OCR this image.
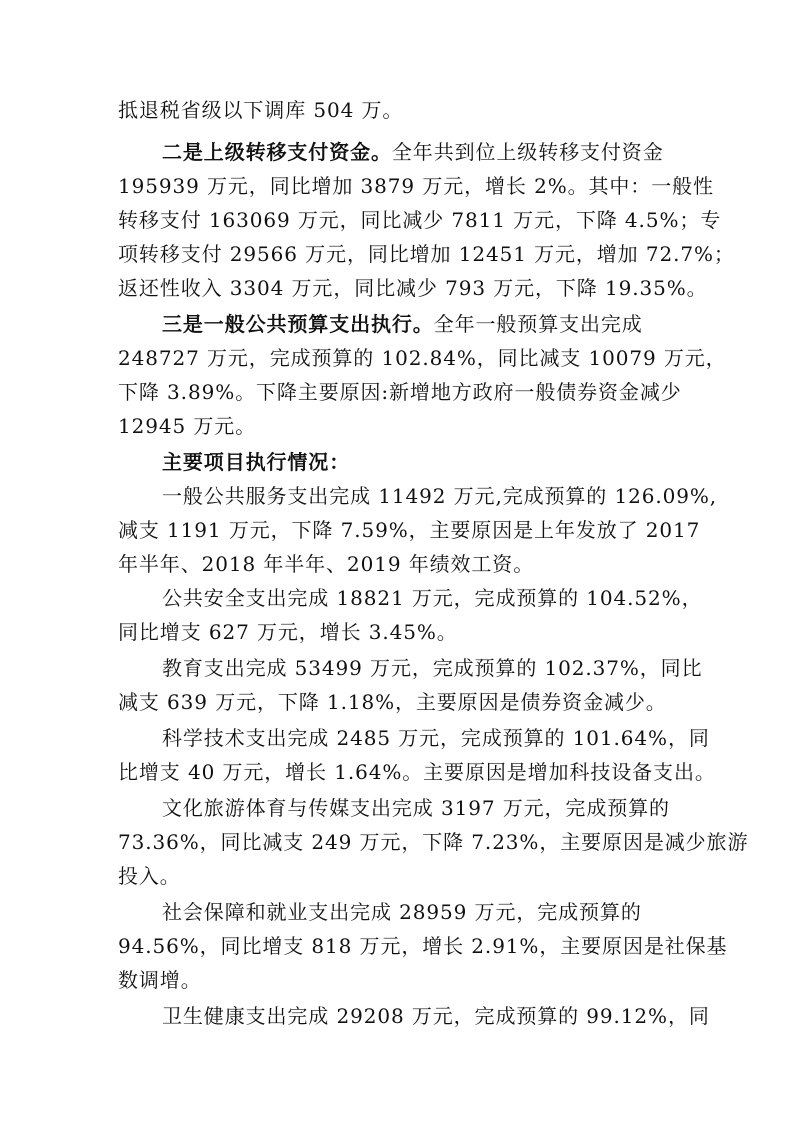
抵退税省级以下调库 504 万。
二是上级转移支付资金。全年共到位上级转移支付资金
195939 万元，同比增加 3879 万元，增长 2%。其中：一般性
转移支付 163069 万元，同比减少 7811 万元，下降 4.5%；专
项转移支付 29566 万元，同比增加 12451 万元，增加 72.7%；
返还性收入 3304 万元，同比减少 793 万元，下降 19.35%。
三是一般公共预算支出执行。全年一般预算支出完成
248727 万元，完成预算的 102.84%，同比减支 10079 万元，
下降 3.89%。下降主要原因:新增地方政府一般债券资金减少
12945 万元。
主要项目执行情况：
一般公共服务支出完成 11492 万元,完成预算的 126.09%,
减支 1191 万元，下降 7.59%，主要原因是上年发放了 2017
年半年、2018 年半年、2019 年绩效工资。
公共安全支出完成 18821 万元，完成预算的 104.52%，
同比增支 627 万元，增长 3.45%。
教育支出完成 53499 万元，完成预算的 102.37%，同比
减支 639 万元，下降 1.18%，主要原因是债券资金减少。
科学技术支出完成 2485 万元，完成预算的 101.64%，同
比增支 40 万元，增长 1.64%。主要原因是增加科技设备支出。
文化旅游体育与传媒支出完成 3197 万元，完成预算的
73.36%，同比减支 249 万元，下降 7.23%，主要原因是减少旅游
投入。
社会保障和就业支出完成 28959 万元，完成预算的
94.56%，同比增支 818 万元，增长 2.91%，主要原因是社保基
数调增。
卫生健康支出完成 29208 万元，完成预算的 99.12%，同
